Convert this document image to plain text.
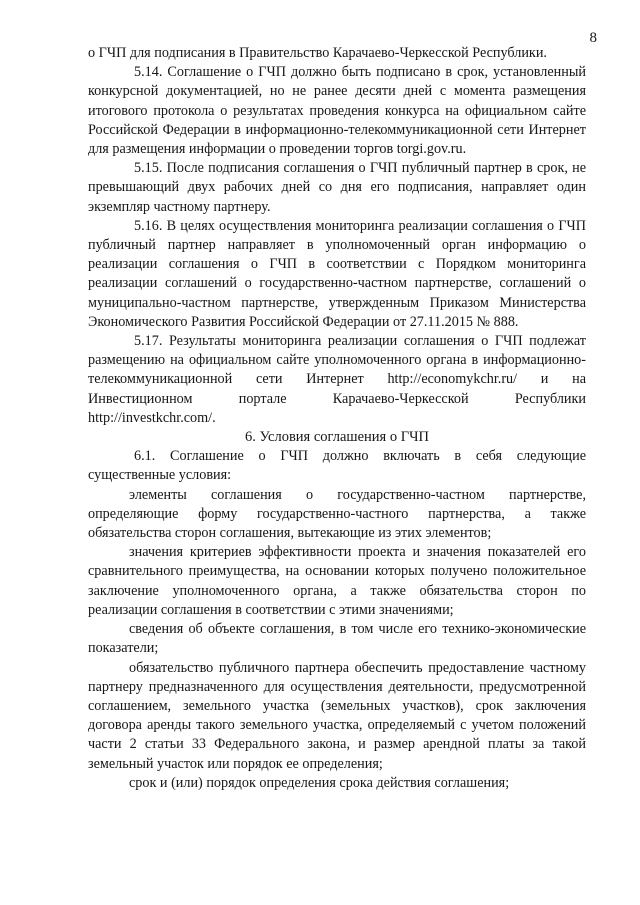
8

о ГЧП для подписания в Правительство Карачаево-Черкесской Республики.

5.14. Соглашение о ГЧП должно быть подписано в срок, установленный конкурсной документацией, но не ранее десяти дней с момента размещения итогового протокола о результатах проведения конкурса на официальном сайте Российской Федерации в информационно-телекоммуникационной сети Интернет для размещения информации о проведении торгов torgi.gov.ru.

5.15. После подписания соглашения о ГЧП публичный партнер в срок, не превышающий двух рабочих дней со дня его подписания, направляет один экземпляр частному партнеру.

5.16. В целях осуществления мониторинга реализации соглашения о ГЧП публичный партнер направляет в уполномоченный орган информацию о реализации соглашения о ГЧП в соответствии с Порядком мониторинга реализации соглашений о государственно-частном партнерстве, соглашений о муниципально-частном партнерстве, утвержденным Приказом Министерства Экономического Развития Российской Федерации от 27.11.2015 № 888.

5.17. Результаты мониторинга реализации соглашения о ГЧП подлежат размещению на официальном сайте уполномоченного органа в информационно-телекоммуникационной сети Интернет http://economykchr.ru/ и на Инвестиционном портале Карачаево-Черкесской Республики http://investkchr.com/.

6. Условия соглашения о ГЧП

6.1. Соглашение о ГЧП должно включать в себя следующие существенные условия:

элементы соглашения о государственно-частном партнерстве, определяющие форму государственно-частного партнерства, а также обязательства сторон соглашения, вытекающие из этих элементов;

значения критериев эффективности проекта и значения показателей его сравнительного преимущества, на основании которых получено положительное заключение уполномоченного органа, а также обязательства сторон по реализации соглашения в соответствии с этими значениями;

сведения об объекте соглашения, в том числе его технико-экономические показатели;

обязательство публичного партнера обеспечить предоставление частному партнеру предназначенного для осуществления деятельности, предусмотренной соглашением, земельного участка (земельных участков), срок заключения договора аренды такого земельного участка, определяемый с учетом положений части 2 статьи 33 Федерального закона, и размер арендной платы за такой земельный участок или порядок ее определения;

срок и (или) порядок определения срока действия соглашения;
